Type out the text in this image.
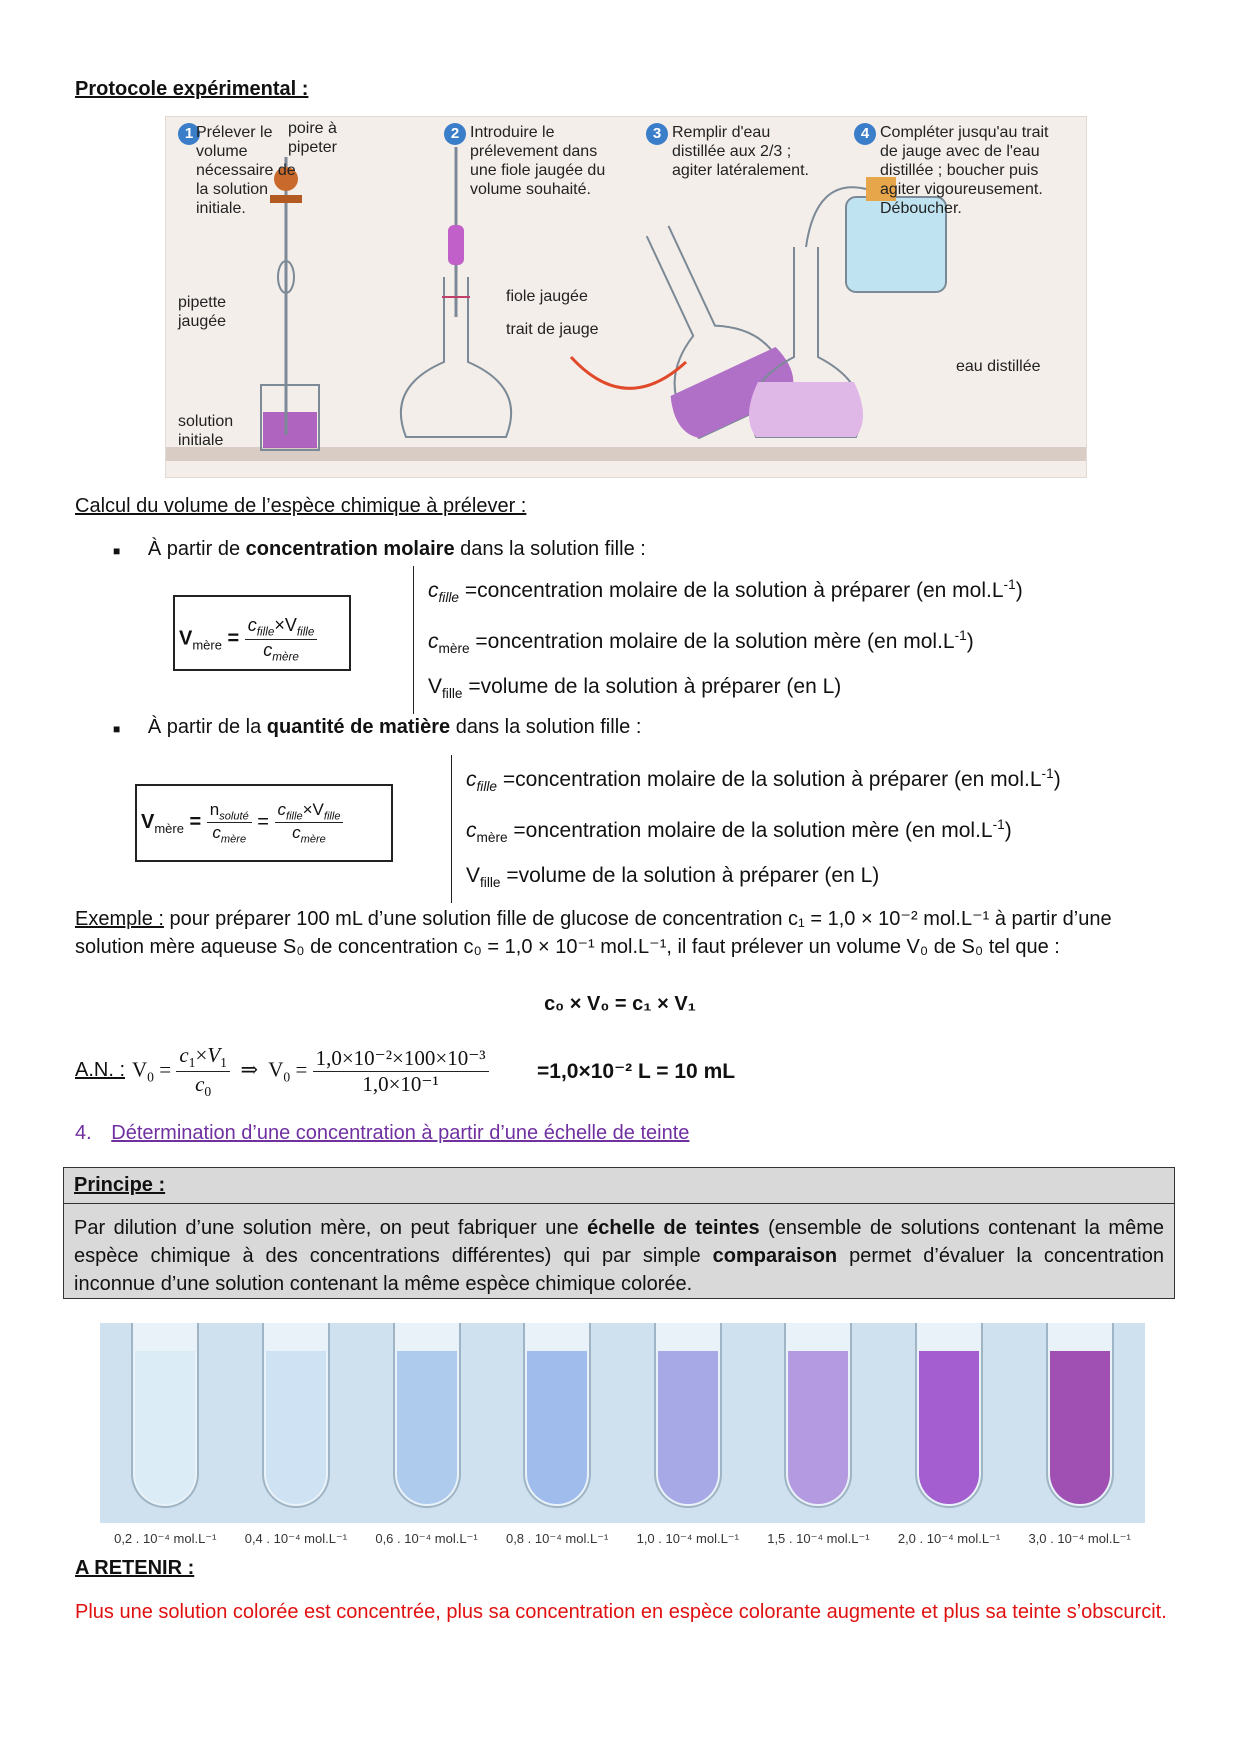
Protocole expérimental :
1 Prélever le volume nécessaire de la solution initiale.
poire à pipeter
pipette jaugée
solution initiale
2 Introduire le prélevement dans une fiole jaugée du volume souhaité.
fiole jaugée
trait de jauge
3 Remplir d'eau distillée aux 2/3 ; agiter latéralement.
4 Compléter jusqu'au trait de jauge avec de l'eau distillée ; boucher puis agiter vigoureusement. Déboucher.
eau distillée
Calcul du volume de l’espèce chimique à prélever :
■ À partir de concentration molaire dans la solution fille :
$V_{mère} = \frac{c_{fille}\times V_{fille}}{c_{mère}}$
$c_{fille}$ =concentration molaire de la solution à préparer (en $mol.L^{-1}$)
$c_{mère}$ =oncentration molaire de la solution mère (en $mol.L^{-1}$)
$V_{fille}$ =volume de la solution à préparer (en L)
■ À partir de la quantité de matière dans la solution fille :
$V_{mère} = \frac{n_{soluté}}{c_{mère}} = \frac{c_{fille}\times V_{fille}}{c_{mère}}$
$c_{fille}$ =concentration molaire de la solution à préparer (en $mol.L^{-1}$)
$c_{mère}$ =oncentration molaire de la solution mère (en $mol.L^{-1}$)
$V_{fille}$ =volume de la solution à préparer (en L)
Exemple : pour préparer 100 mL d’une solution fille de glucose de concentration c₁ = 1,0 × 10⁻² mol.L⁻¹ à partir d’une
solution mère aqueuse S₀ de concentration c₀ = 1,0 × 10⁻¹ mol.L⁻¹, il faut prélever un volume V₀ de S₀ tel que :
c₀ × V₀ = c₁ × V₁
A.N. : $V_0 = \frac{c_1\times V_1}{c_0}$ ⇒  $V_0 = \frac{\text{1,0×10⁻²×100×10⁻³}}{\text{1,0×10⁻¹}} =1,0\times 10^{-2}$ L = 10 mL
4. Détermination d’une concentration à partir d’une échelle de teinte
Principe :
Par dilution d’une solution mère, on peut fabriquer une échelle de teintes (ensemble de solutions contenant la même espèce chimique à des concentrations différentes) qui par simple comparaison permet d’évaluer la concentration inconnue d’une solution contenant la même espèce chimique colorée.
0,2 . 10⁻⁴ mol.L⁻¹	0,4 . 10⁻⁴ mol.L⁻¹	0,6 . 10⁻⁴ mol.L⁻¹	0,8 . 10⁻⁴ mol.L⁻¹	1,0 . 10⁻⁴ mol.L⁻¹	1,5 . 10⁻⁴ mol.L⁻¹	2,0 . 10⁻⁴ mol.L⁻¹	3,0 . 10⁻⁴ mol.L⁻¹
A RETENIR :
Plus une solution colorée est concentrée, plus sa concentration en espèce colorante augmente et plus sa teinte s’obscurcit.
